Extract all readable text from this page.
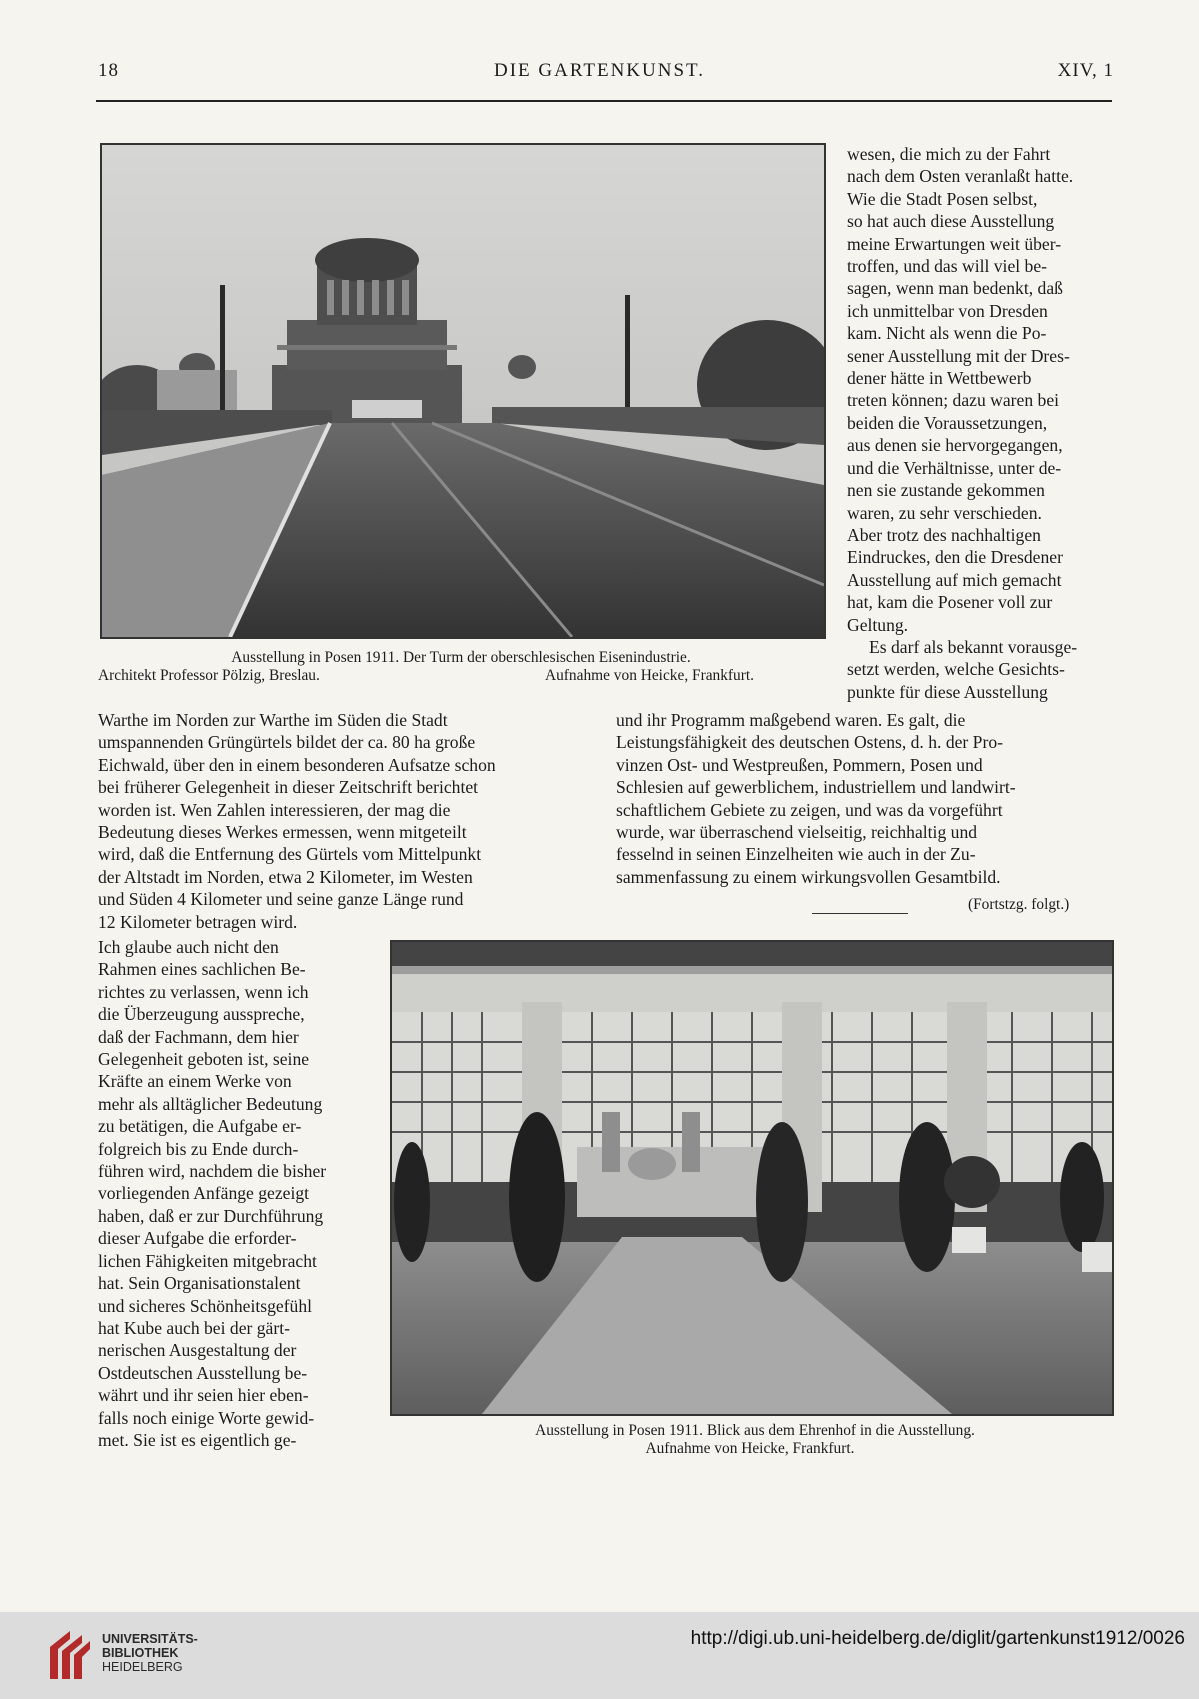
18	DIE GARTENKUNST.	XIV, 1
Ausstellung in Posen 1911. Der Turm der oberschlesischen Eisenindustrie.
Architekt Professor Pölzig, Breslau.	Aufnahme von Heicke, Frankfurt.

wesen, die mich zu der Fahrt

nach dem Osten veranlaßt hatte.

Wie die Stadt Posen selbst,

so hat auch diese Ausstellung

meine Erwartungen weit über-

troffen, und das will viel be-

sagen, wenn man bedenkt, daß

ich unmittelbar von Dresden

kam. Nicht als wenn die Po-

sener Ausstellung mit der Dres-

dener hätte in Wettbewerb

treten können; dazu waren bei

beiden die Voraussetzungen,

aus denen sie hervorgegangen,

und die Verhältnisse, unter de-

nen sie zustande gekommen

waren, zu sehr verschieden.

Aber trotz des nachhaltigen

Eindruckes, den die Dresdener

Ausstellung auf mich gemacht

hat, kam die Posener voll zur

Geltung.

Es darf als bekannt vorausge-

setzt werden, welche Gesichts-

punkte für diese Ausstellung

Warthe im Norden zur Warthe im Süden die Stadt

umspannenden Grüngürtels bildet der ca. 80 ha große

Eichwald, über den in einem besonderen Aufsatze schon

bei früherer Gelegenheit in dieser Zeitschrift berichtet

worden ist. Wen Zahlen interessieren, der mag die

Bedeutung dieses Werkes ermessen, wenn mitgeteilt

wird, daß die Entfernung des Gürtels vom Mittelpunkt

der Altstadt im Norden, etwa 2 Kilometer, im Westen

und Süden 4 Kilometer und seine ganze Länge rund

12 Kilometer betragen wird.

und ihr Programm maßgebend waren. Es galt, die

Leistungsfähigkeit des deutschen Ostens, d. h. der Pro-

vinzen Ost- und Westpreußen, Pommern, Posen und

Schlesien auf gewerblichem, industriellem und landwirt-

schaftlichem Gebiete zu zeigen, und was da vorgeführt

wurde, war überraschend vielseitig, reichhaltig und

fesselnd in seinen Einzelheiten wie auch in der Zu-

sammenfassung zu einem wirkungsvollen Gesamtbild.

(Fortstzg. folgt.)

Ich glaube auch nicht den

Rahmen eines sachlichen Be-

richtes zu verlassen, wenn ich

die Überzeugung ausspreche,

daß der Fachmann, dem hier

Gelegenheit geboten ist, seine

Kräfte an einem Werke von

mehr als alltäglicher Bedeutung

zu betätigen, die Aufgabe er-

folgreich bis zu Ende durch-

führen wird, nachdem die bisher

vorliegenden Anfänge gezeigt

haben, daß er zur Durchführung

dieser Aufgabe die erforder-

lichen Fähigkeiten mitgebracht

hat. Sein Organisationstalent

und sicheres Schönheitsgefühl

hat Kube auch bei der gärt-

nerischen Ausgestaltung der

Ostdeutschen Ausstellung be-

währt und ihr seien hier eben-

falls noch einige Worte gewid-

met. Sie ist es eigentlich ge-	Ausstellung in Posen 1911. Blick aus dem Ehrenhof in die Ausstellung.
Aufnahme von Heicke, Frankfurt.
UNIVERSITÄTS-
BIBLIOTHEK
HEIDELBERG
http://digi.ub.uni-heidelberg.de/diglit/gartenkunst1912/0026
